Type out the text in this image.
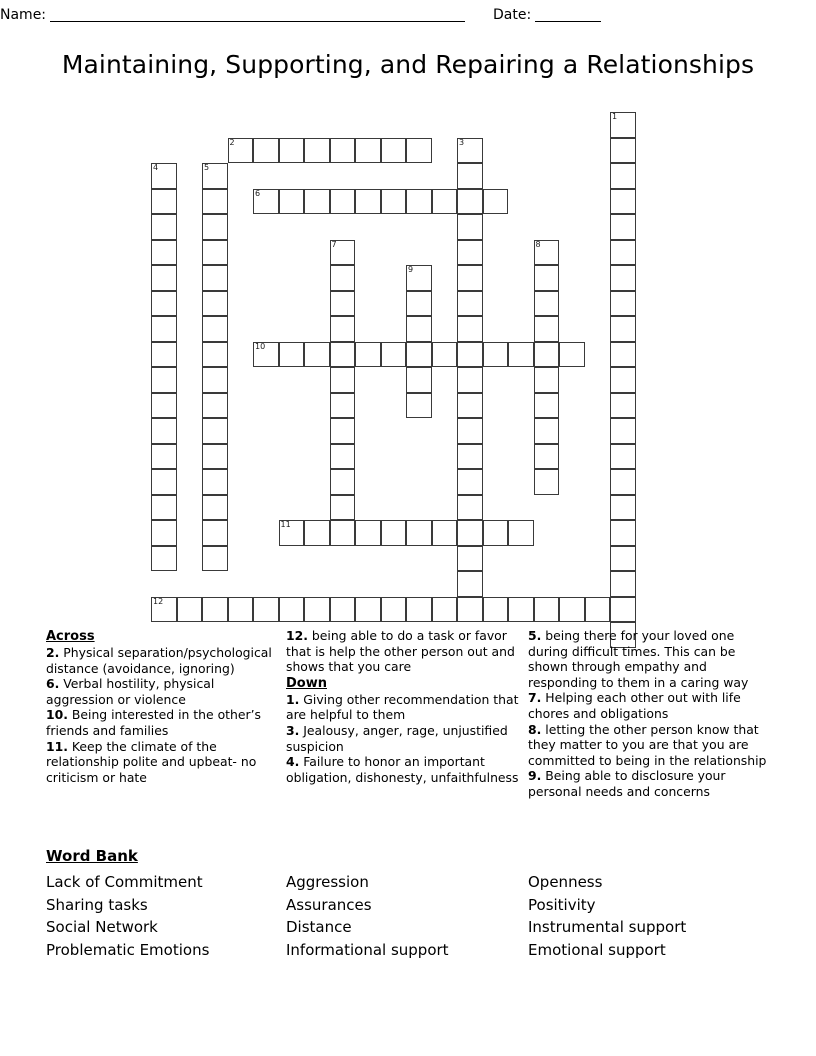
Name:	Date:
Maintaining, Supporting, and Repairing a Relationships
1
2	3
4	5
6
7	8
9
10
11
12
Across

2. Physical separation/psychological distance (avoidance, ignoring)

6. Verbal hostility, physical aggression or violence

10. Being interested in the other’s friends and families

11. Keep the climate of the relationship polite and upbeat- no criticism or hate

12. being able to do a task or favor that is help the other person out and shows that you care

Down

1. Giving other recommendation that are helpful to them

3. Jealousy, anger, rage, unjustified suspicion

4. Failure to honor an important obligation, dishonesty, unfaithfulness

5. being there for your loved one during difficult times. This can be shown through empathy and responding to them in a caring way

7. Helping each other out with life chores and obligations

8. letting the other person know that they matter to you are that you are committed to being in the relationship

9. Being able to disclosure your personal needs and concerns

Word Bank
Lack of Commitment	Aggression	Openness
Sharing tasks	Assurances	Positivity
Social Network	Distance	Instrumental support
Problematic Emotions	Informational support	Emotional support
